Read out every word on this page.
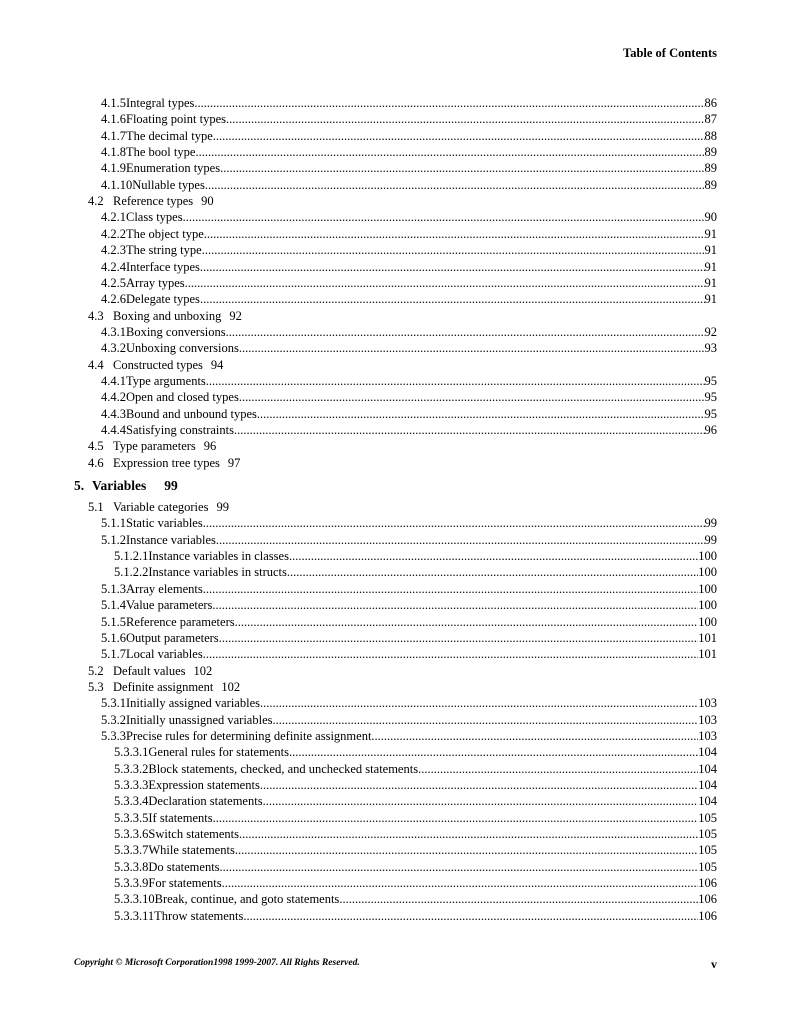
Table of Contents
4.1.5 Integral types .....	86
4.1.6 Floating point types .....	87
4.1.7 The decimal type .....	88
4.1.8 The bool type .....	89
4.1.9 Enumeration types .....	89
4.1.10 Nullable types .....	89
4.2 Reference types 90
4.2.1 Class types .....	90
4.2.2 The object type .....	91
4.2.3 The string type .....	91
4.2.4 Interface types .....	91
4.2.5 Array types .....	91
4.2.6 Delegate types .....	91
4.3 Boxing and unboxing 92
4.3.1 Boxing conversions .....	92
4.3.2 Unboxing conversions .....	93
4.4 Constructed types 94
4.4.1 Type arguments .....	95
4.4.2 Open and closed types .....	95
4.4.3 Bound and unbound types .....	95
4.4.4 Satisfying constraints .....	96
4.5 Type parameters 96
4.6 Expression tree types 97
5. Variables 99
5.1 Variable categories 99
5.1.1 Static variables .....	99
5.1.2 Instance variables .....	99
5.1.2.1 Instance variables in classes .....	100
5.1.2.2 Instance variables in structs .....	100
5.1.3 Array elements .....	100
5.1.4 Value parameters .....	100
5.1.5 Reference parameters .....	100
5.1.6 Output parameters .....	101
5.1.7 Local variables .....	101
5.2 Default values 102
5.3 Definite assignment 102
5.3.1 Initially assigned variables .....	103
5.3.2 Initially unassigned variables .....	103
5.3.3 Precise rules for determining definite assignment .....	103
5.3.3.1 General rules for statements .....	104
5.3.3.2 Block statements, checked, and unchecked statements .....	104
5.3.3.3 Expression statements .....	104
5.3.3.4 Declaration statements .....	104
5.3.3.5 If statements .....	105
5.3.3.6 Switch statements .....	105
5.3.3.7 While statements .....	105
5.3.3.8 Do statements .....	105
5.3.3.9 For statements .....	106
5.3.3.10 Break, continue, and goto statements .....	106
5.3.3.11 Throw statements .....	106
Copyright © Microsoft Corporation1998 1999-2007. All Rights Reserved.	v
